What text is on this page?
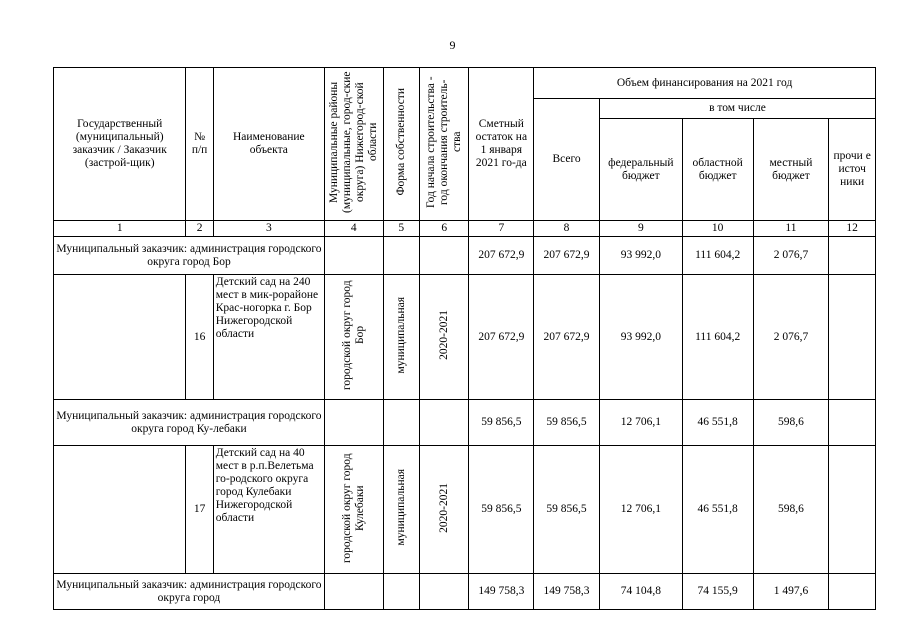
9
Государственный (муниципальный) заказчик / Заказчик (застрой-щик)	№ п/п	Наименование объекта	Муниципальные районы (муниципальные, город-ские округа) Нижегород-ской области	Форма собственности	Год начала строительства - год окончания строитель-ства	Сметный остаток на 1 января 2021 го-да	Объем финансирования на 2021 год				
							Всего	в том числе			
								федеральный бюджет	областной бюджет	местный бюджет	прочи е источ ники
1	2	3	4	5	6	7	8	9	10	11	12
Муниципальный заказчик: администрация городского округа город Бор						207 672,9	207 672,9	93 992,0	111 604,2	2 076,7	
	16	Детский сад на 240 мест в мик-рорайоне Крас-ногорка г. Бор Нижегородской области	городской округ город Бор	муниципальная	2020-2021	207 672,9	207 672,9	93 992,0	111 604,2	2 076,7	
Муниципальный заказчик: администрация городского округа город Ку-лебаки						59 856,5	59 856,5	12 706,1	46 551,8	598,6	
	17	Детский сад на 40 мест в р.п.Велетьма го-родского округа город Кулебаки Нижегородской области	городской округ город Кулебаки	муниципальная	2020-2021	59 856,5	59 856,5	12 706,1	46 551,8	598,6	
Муниципальный заказчик: администрация городского округа город						149 758,3	149 758,3	74 104,8	74 155,9	1 497,6	
